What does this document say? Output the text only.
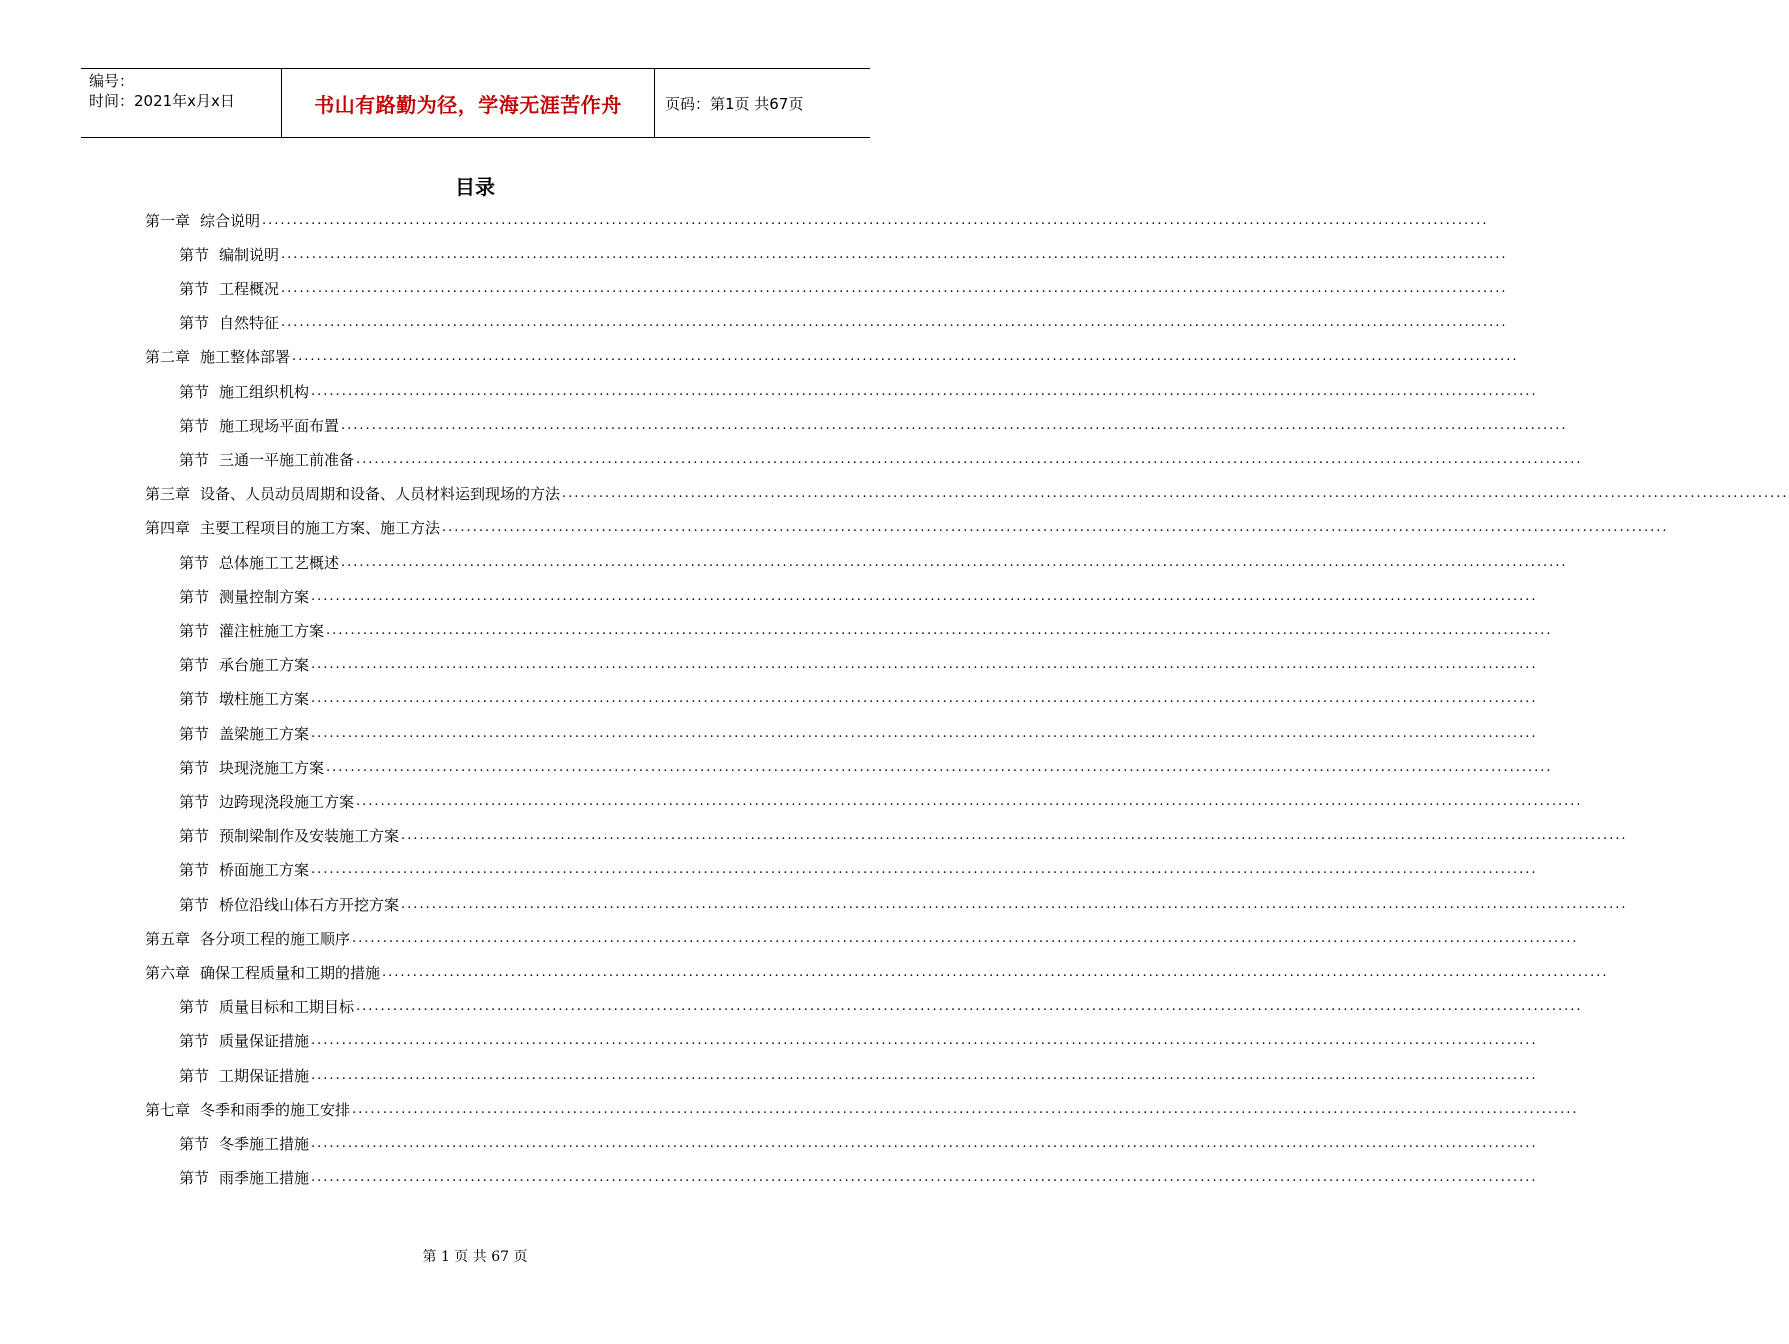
编号：
时间：2021年x月x日	书山有路勤为径，学海无涯苦作舟	页码：第1页 共67页
目录
第一章 综合说明 ........................................................................................................................................................................................................
第节 编制说明 ........................................................................................................................................................................................................
第节 工程概况 ........................................................................................................................................................................................................
第节 自然特征 ........................................................................................................................................................................................................
第二章 施工整体部署 ........................................................................................................................................................................................................
第节 施工组织机构 ........................................................................................................................................................................................................
第节 施工现场平面布置 ........................................................................................................................................................................................................
第节 三通一平施工前准备 ........................................................................................................................................................................................................
第三章 设备、人员动员周期和设备、人员材料运到现场的方法 ........................................................................................................................................................................................................
第四章 主要工程项目的施工方案、施工方法 ........................................................................................................................................................................................................
第节 总体施工工艺概述 ........................................................................................................................................................................................................
第节 测量控制方案 ........................................................................................................................................................................................................
第节 灌注桩施工方案 ........................................................................................................................................................................................................
第节 承台施工方案 ........................................................................................................................................................................................................
第节 墩柱施工方案 ........................................................................................................................................................................................................
第节 盖梁施工方案 ........................................................................................................................................................................................................
第节 块现浇施工方案 ........................................................................................................................................................................................................
第节 边跨现浇段施工方案 ........................................................................................................................................................................................................
第节 预制梁制作及安装施工方案 ........................................................................................................................................................................................................
第节 桥面施工方案 ........................................................................................................................................................................................................
第节 桥位沿线山体石方开挖方案 ........................................................................................................................................................................................................
第五章 各分项工程的施工顺序 ........................................................................................................................................................................................................
第六章 确保工程质量和工期的措施 ........................................................................................................................................................................................................
第节 质量目标和工期目标 ........................................................................................................................................................................................................
第节 质量保证措施 ........................................................................................................................................................................................................
第节 工期保证措施 ........................................................................................................................................................................................................
第七章 冬季和雨季的施工安排 ........................................................................................................................................................................................................
第节 冬季施工措施 ........................................................................................................................................................................................................
第节 雨季施工措施 ........................................................................................................................................................................................................
第 1 页 共 67 页
